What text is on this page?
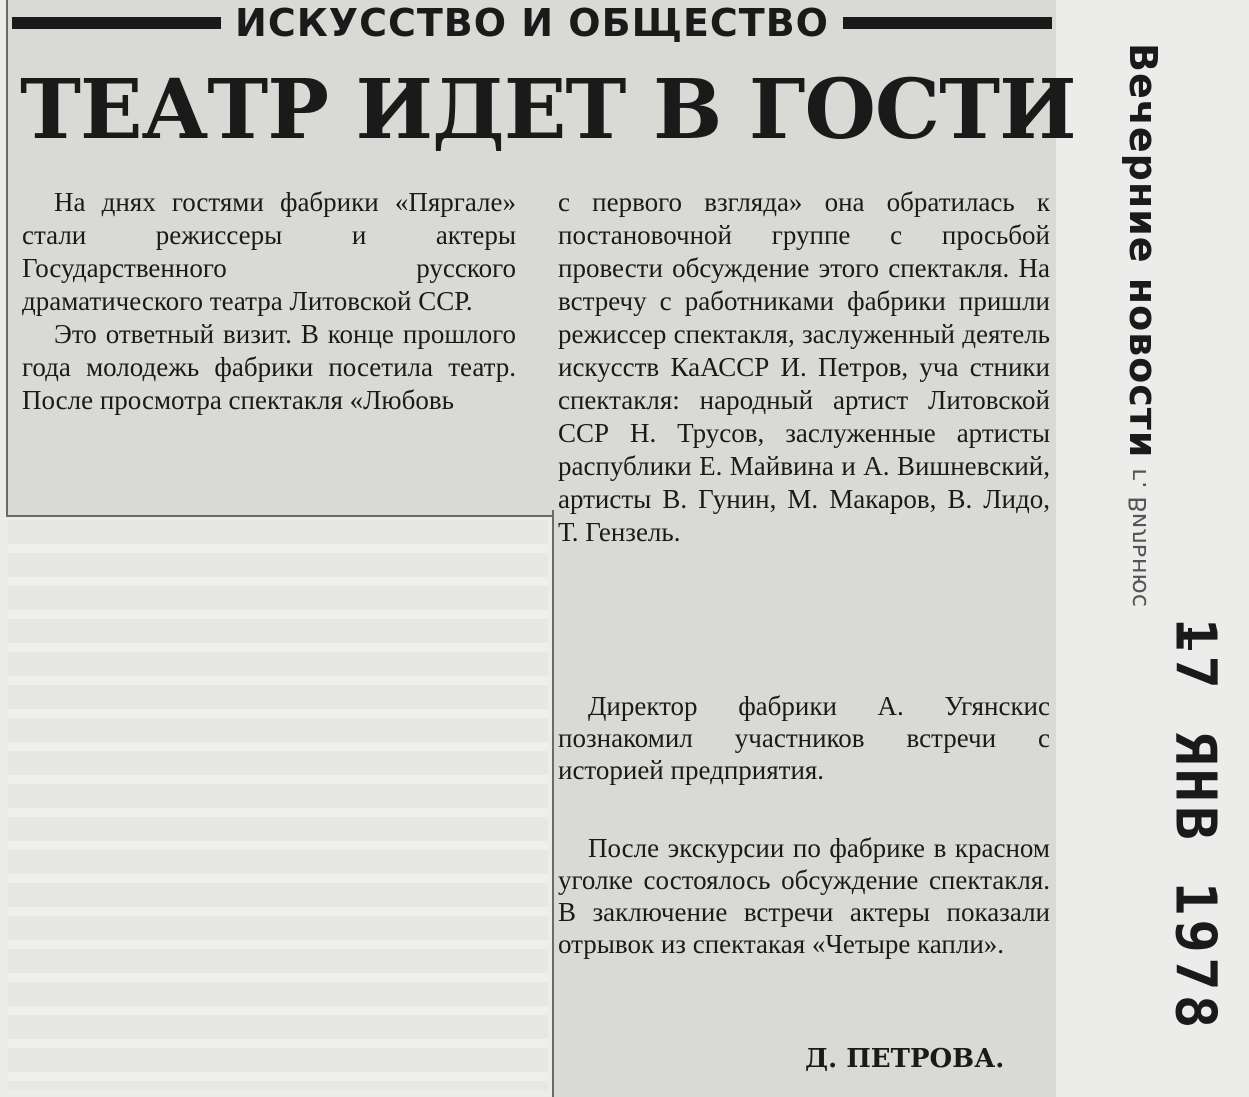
ИСКУССТВО И ОБЩЕСТВО
ТЕАТР ИДЕТ В ГОСТИ

На днях гостями фабрики «Пяргале» стали режиссеры и актеры Государственного русского драматического театра Литовской ССР.

Это ответный визит. В конце прошлого года молодежь фабрики посетила театр. После просмотра спектакля «Любовь

с первого взгляда» она обратилась к постановочной группе с просьбой провести обсуждение этого спектакля. На встречу с работниками фабрики пришли режиссер спектакля, заслуженный деятель искусств КаАССР И. Петров, уча стники спектакля: народный артист Литовской ССР Н. Трусов, заслуженные артисты распублики Е. Майвина и А. Вишневский, артисты В. Гунин, М. Макаров, В. Лидо, Т. Гензель.

Директор фабрики А. Угянскис познакомил участников встречи с историей предприятия.
После экскурсии по фабрике в красном уголке состоялось обсуждение спектакля. В заключение встречи актеры показали отрывок из спектакая «Четыре капли».
Д. ПЕТРОВА.
Вечерние новости
г. Вильнюс
17 ЯНВ 1978
